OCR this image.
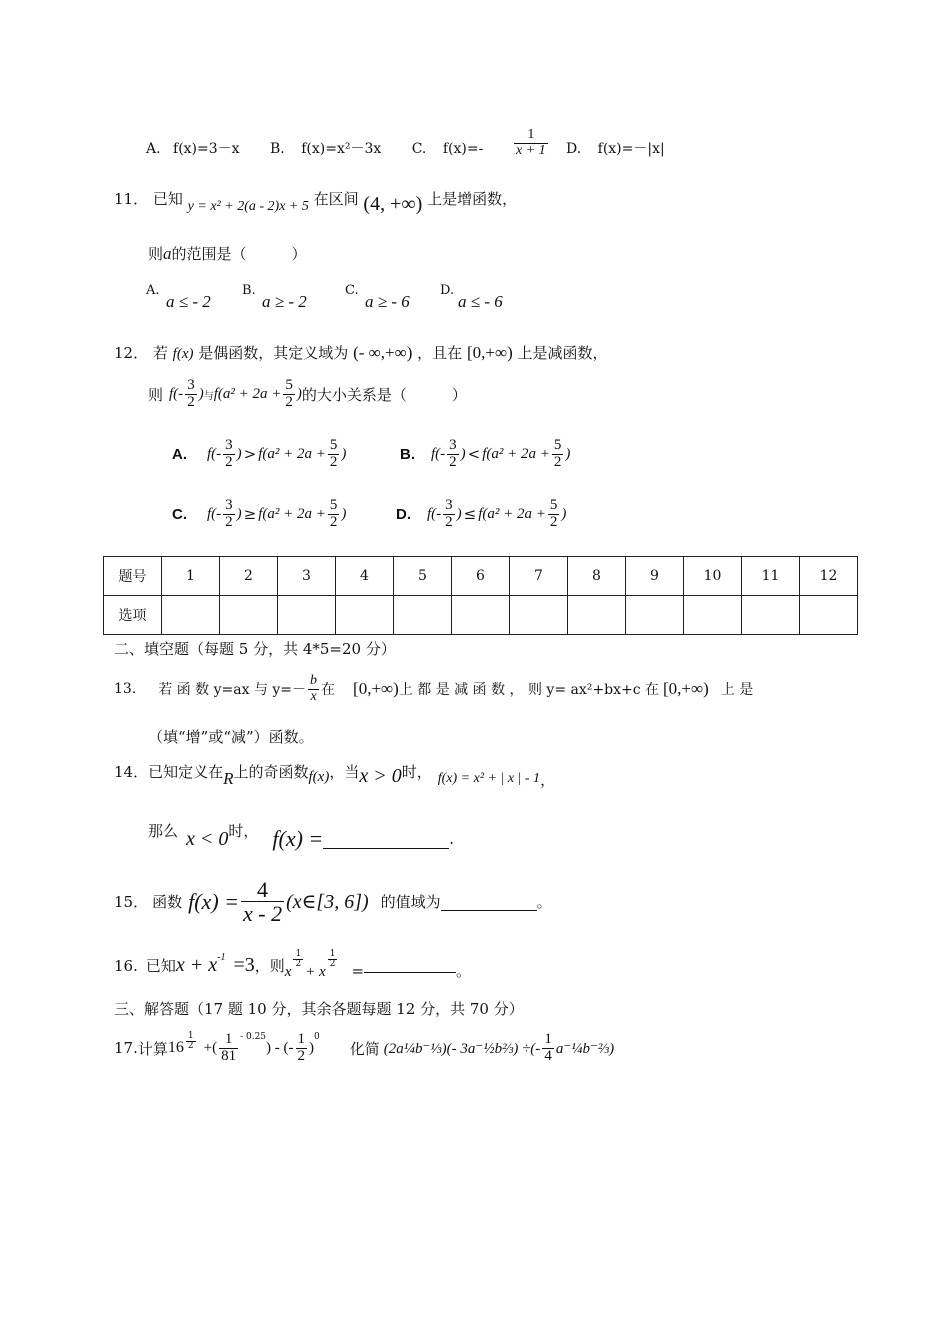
A. f(x)=3－x B. f(x)=x²－3x C. $f(x)=- \frac{1}{x + 1} D$. f(x)=－|x|
11． 已知 y = x² + 2(a - 2)x + 5 在区间 (4, +∞) 上是增函数，
则a的范围是（　　　）
A.
a ≤ - 2
B.
a ≥ - 2
C.
a ≥ - 6
D.
a ≤ - 6
12． 若 f(x) 是偶函数，其定义域为 (- ∞,+∞) ，且在 [0,+∞) 上是减函数，
则 $f(- \frac{3}{2}$ ) 与 $f(a^2 + 2a + \frac{5}{2}$ ) 的大小关系是（　　　）
A. $f(- \frac{3}{2}$ ) > $f(a^2 + 2a + \frac{5}{2}$ )	B. $f(- \frac{3}{2}$ ) < $f(a^2 + 2a + \frac{5}{2}$ )
C. $f(- \frac{3}{2}$ ) ≥ $f(a^2 + 2a + \frac{5}{2}$ )	D. $f(- \frac{3}{2}$ ) ≤ $f(a^2 + 2a + \frac{5}{2}$ )
题号	1	2	3	4	5	6	7	8	9	10	11	12
选项												
二、填空题（每题 5 分，共 4*5=20 分）
13. 若 函 数 y=ax 与 $y=- \frac{b}{x}$ 在 [0,+∞) 上 都 是 减 函 数 ， 则 y= ax²+bx+c 在 [0,+∞) 上 是
（填“增”或“减”）函数。
14． 已知定义在 R 上的奇函数 f(x) ，当 x > 0 时， f(x) = x² + | x | - 1 ，
那么 x < 0 时， f(x) =	.
15． 函数 $f(x) = \frac{4}{x - 2}$ (x∈[3, 6]) 的值域为	。
16. 已知 $x + x^{-1} =3$ ，则 x
$\frac{1}{2}$
+ x
$\frac{1}{2}$
=	。
三、解答题（17 题 10 分，其余各题每题 12 分，共 70 分）
17. 计算 $16 \frac{1}{2}$ +( $\frac{1}{81}^{- 0.25}$
) - (- $\frac{1}{2}$ )
$^0$
化简 (2a¼b⁻⅓)(- 3a⁻½b⅔) ÷(- $\frac{1}{4}$ a⁻¼b⁻⅔)
